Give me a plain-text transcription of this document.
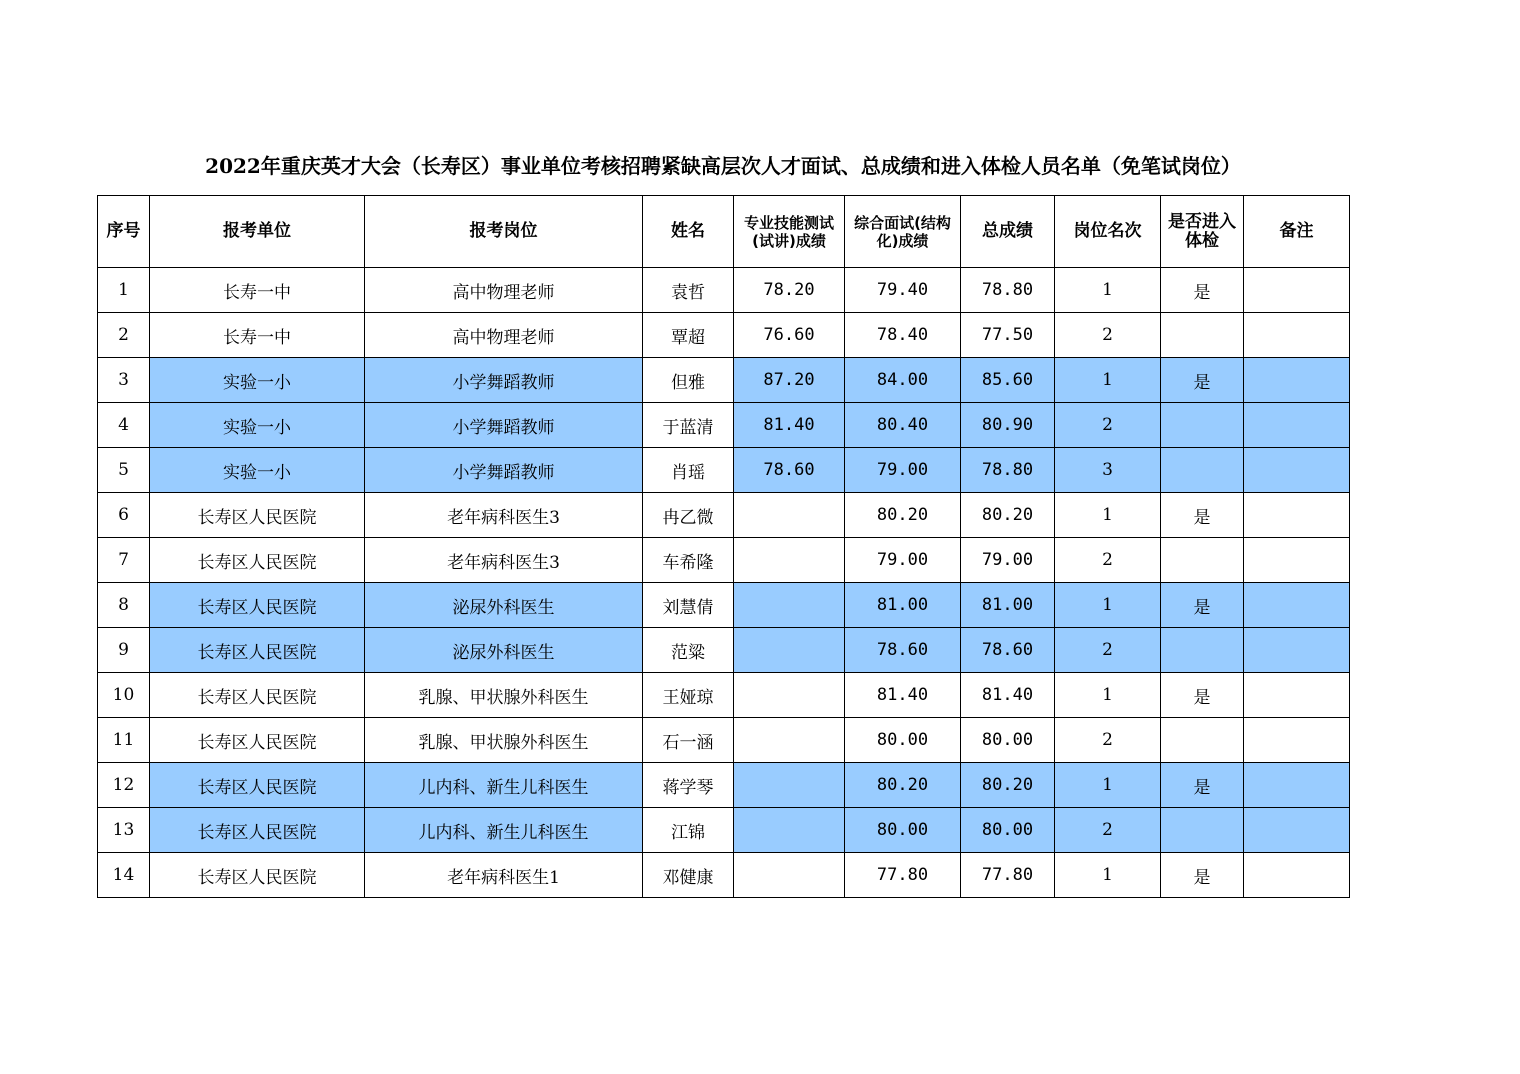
2022年重庆英才大会（长寿区）事业单位考核招聘紧缺高层次人才面试、总成绩和进入体检人员名单（免笔试岗位）
序号	报考单位	报考岗位	姓名	专业技能测试(试讲)成绩	综合面试(结构化)成绩	总成绩	岗位名次	是否进入体检	备注
1	长寿一中	高中物理老师	袁哲	78.20	79.40	78.80	1	是	
2	长寿一中	高中物理老师	覃超	76.60	78.40	77.50	2		
3	实验一小	小学舞蹈教师	但雅	87.20	84.00	85.60	1	是	
4	实验一小	小学舞蹈教师	于蓝清	81.40	80.40	80.90	2		
5	实验一小	小学舞蹈教师	肖瑶	78.60	79.00	78.80	3		
6	长寿区人民医院	老年病科医生3	冉乙微		80.20	80.20	1	是	
7	长寿区人民医院	老年病科医生3	车希隆		79.00	79.00	2		
8	长寿区人民医院	泌尿外科医生	刘慧倩		81.00	81.00	1	是	
9	长寿区人民医院	泌尿外科医生	范粱		78.60	78.60	2		
10	长寿区人民医院	乳腺、甲状腺外科医生	王娅琼		81.40	81.40	1	是	
11	长寿区人民医院	乳腺、甲状腺外科医生	石一涵		80.00	80.00	2		
12	长寿区人民医院	儿内科、新生儿科医生	蒋学琴		80.20	80.20	1	是	
13	长寿区人民医院	儿内科、新生儿科医生	江锦		80.00	80.00	2		
14	长寿区人民医院	老年病科医生1	邓健康		77.80	77.80	1	是	
